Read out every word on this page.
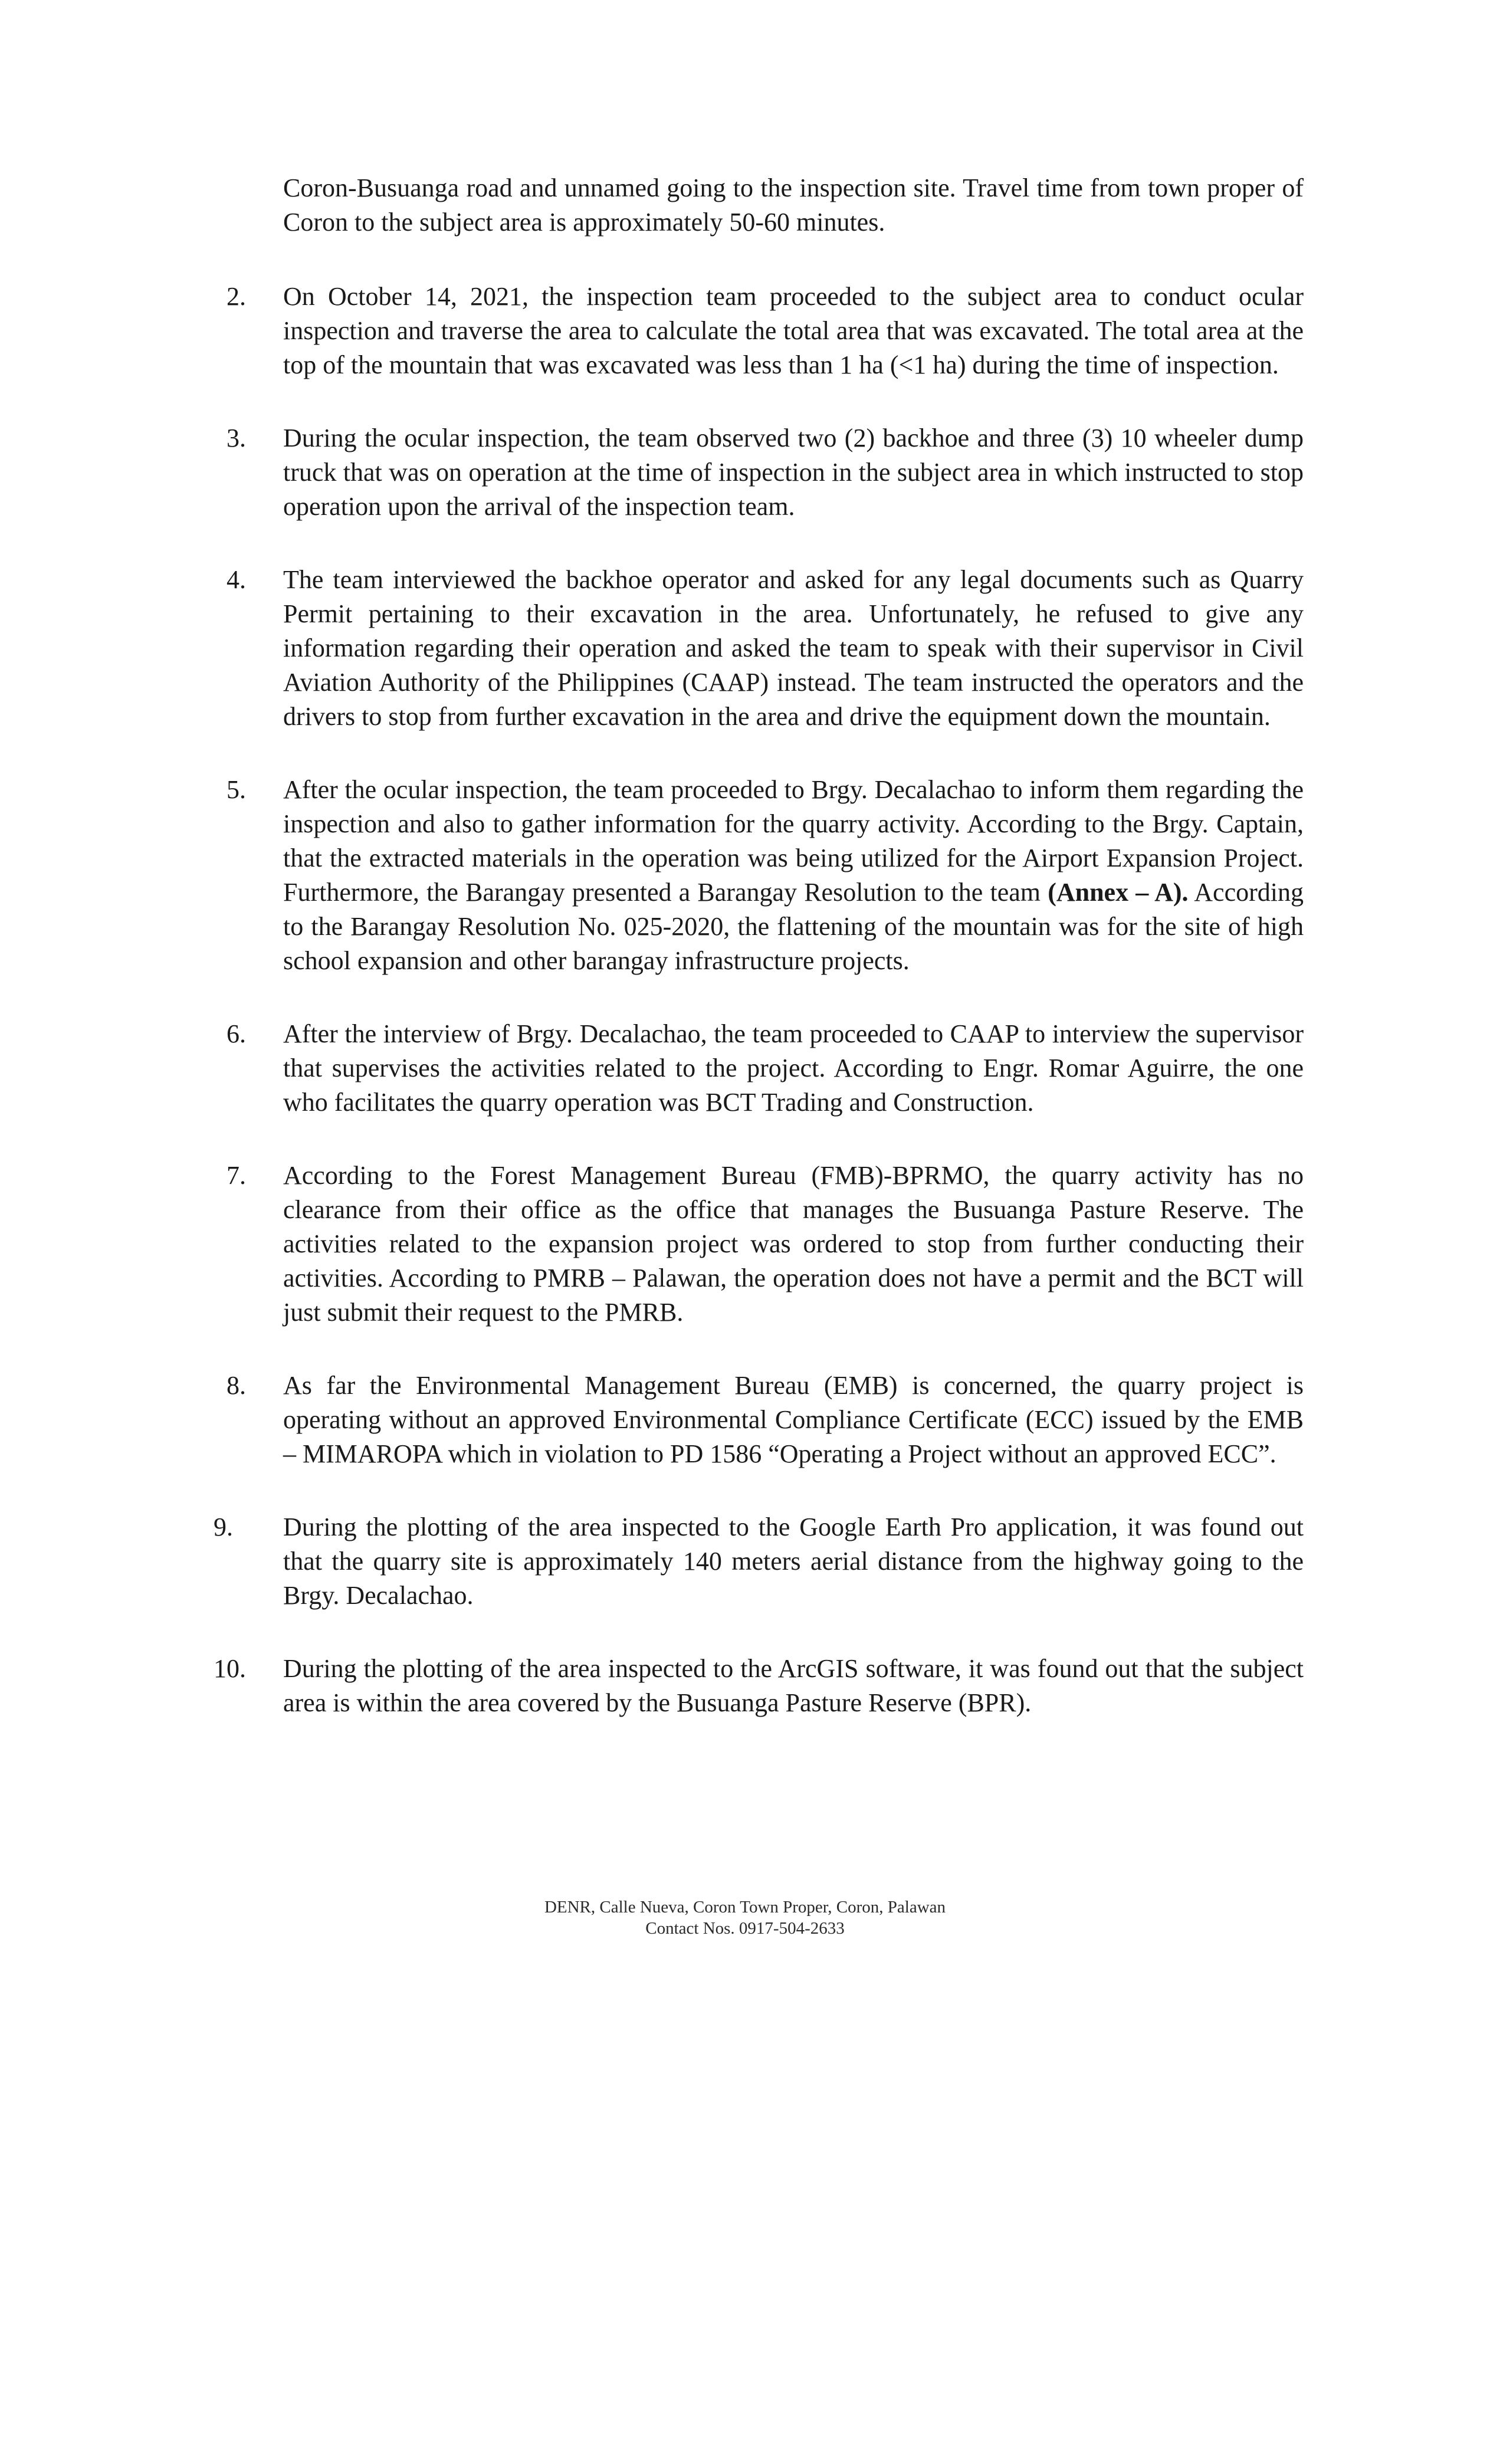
Coron-Busuanga road and unnamed going to the inspection site. Travel time from town proper of Coron to the subject area is approximately 50-60 minutes.

2.	On October 14, 2021, the inspection team proceeded to the subject area to conduct ocular inspection and traverse the area to calculate the total area that was excavated. The total area at the top of the mountain that was excavated was less than 1 ha (<1 ha) during the time of inspection.
3.	During the ocular inspection, the team observed two (2) backhoe and three (3) 10 wheeler dump truck that was on operation at the time of inspection in the subject area in which instructed to stop operation upon the arrival of the inspection team.
4.	The team interviewed the backhoe operator and asked for any legal documents such as Quarry Permit pertaining to their excavation in the area. Unfortunately, he refused to give any information regarding their operation and asked the team to speak with their supervisor in Civil Aviation Authority of the Philippines (CAAP) instead. The team instructed the operators and the drivers to stop from further excavation in the area and drive the equipment down the mountain.
5.	After the ocular inspection, the team proceeded to Brgy. Decalachao to inform them regarding the inspection and also to gather information for the quarry activity. According to the Brgy. Captain, that the extracted materials in the operation was being utilized for the Airport Expansion Project. Furthermore, the Barangay presented a Barangay Resolution to the team (Annex – A). According to the Barangay Resolution No. 025-2020, the flattening of the mountain was for the site of high school expansion and other barangay infrastructure projects.
6.	After the interview of Brgy. Decalachao, the team proceeded to CAAP to interview the supervisor that supervises the activities related to the project. According to Engr. Romar Aguirre, the one who facilitates the quarry operation was BCT Trading and Construction.
7.	According to the Forest Management Bureau (FMB)-BPRMO, the quarry activity has no clearance from their office as the office that manages the Busuanga Pasture Reserve. The activities related to the expansion project was ordered to stop from further conducting their activities. According to PMRB – Palawan, the operation does not have a permit and the BCT will just submit their request to the PMRB.
8.	As far the Environmental Management Bureau (EMB) is concerned, the quarry project is operating without an approved Environmental Compliance Certificate (ECC) issued by the EMB – MIMAROPA which in violation to PD 1586 “Operating a Project without an approved ECC”.
9.	During the plotting of the area inspected to the Google Earth Pro application, it was found out that the quarry site is approximately 140 meters aerial distance from the highway going to the Brgy. Decalachao.
10.	During the plotting of the area inspected to the ArcGIS software, it was found out that the subject area is within the area covered by the Busuanga Pasture Reserve (BPR).
DENR, Calle Nueva, Coron Town Proper, Coron, Palawan
Contact Nos. 0917-504-2633
